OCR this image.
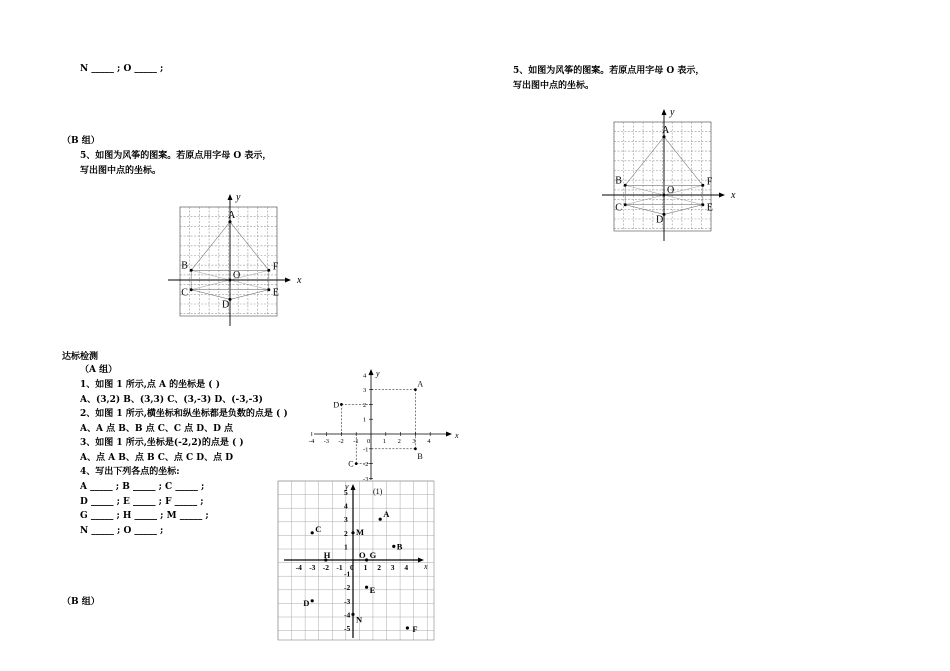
N _____ ; O _____ ;
（B 组）
5、如图为风筝的图案。若原点用字母 O 表示，
写出图中点的坐标。
达标检测
（A 组）
1、如图 1 所示,点 A 的坐标是 ( )
A、(3,2) B、(3,3) C、(3,-3) D、(-3,-3)
2、如图 1 所示,横坐标和纵坐标都是负数的点是 ( )
A、A 点 B、B 点 C、C 点 D、D 点
3、如图 1 所示,坐标是(-2,2)的点是 ( )
A、点 A B、点 B C、点 C D、点 D
4、写出下列各点的坐标:
A _____ ; B _____ ; C _____ ;
D _____ ; E _____ ; F _____ ;
G _____ ; H _____ ; M _____ ;
N _____ ; O _____ ;
（B 组）
5、如图为风筝的图案。若原点用字母 O 表示，
写出图中点的坐标。
x
y
A
B
C
D
E
F
O
x
y
A
B
C
D
E
F
O
x
y
-4 -3 -2 -1	1 2 3 4
4
3
2
1
-1
-2
-3
0
A
B
C
D
(1)
x
y
-4 -3 -2 -1 0 1 2 3 4
5
4
3
2
1
-1
-2
-3
-4
-5
A
B
C
D
E
F
G
H
M
N
O
